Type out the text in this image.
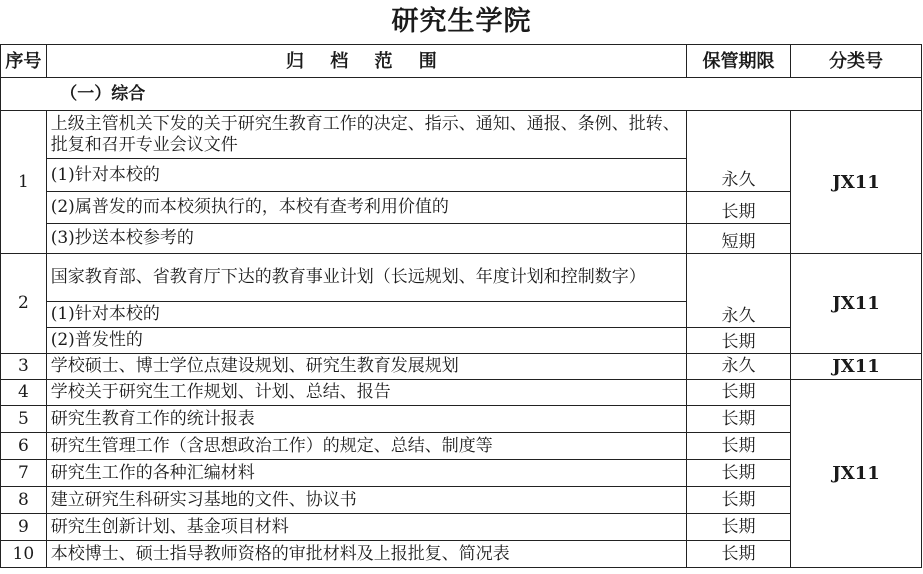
研究生学院
序号	归 档 范 围	保管期限	分类号
	（一）综合		
1	上级主管机关下发的关于研究生教育工作的决定、指示、通知、通报、条例、批转、批复和召开专业会议文件		JX11
	(1)针对本校的	永久	
	(2)属普发的而本校须执行的，本校有查考利用价值的	长期	
	(3)抄送本校参考的	短期	
2	国家教育部、省教育厅下达的教育事业计划（长远规划、年度计划和控制数字）		JX11
	(1)针对本校的	永久	
	(2)普发性的	长期	
3	学校硕士、博士学位点建设规划、研究生教育发展规划	永久	JX11
4	学校关于研究生工作规划、计划、总结、报告	长期	JX11
5	研究生教育工作的统计报表	长期	
6	研究生管理工作（含思想政治工作）的规定、总结、制度等	长期	
7	研究生工作的各种汇编材料	长期	
8	建立研究生科研实习基地的文件、协议书	长期	
9	研究生创新计划、基金项目材料	长期	
10	本校博士、硕士指导教师资格的审批材料及上报批复、简况表	长期	
